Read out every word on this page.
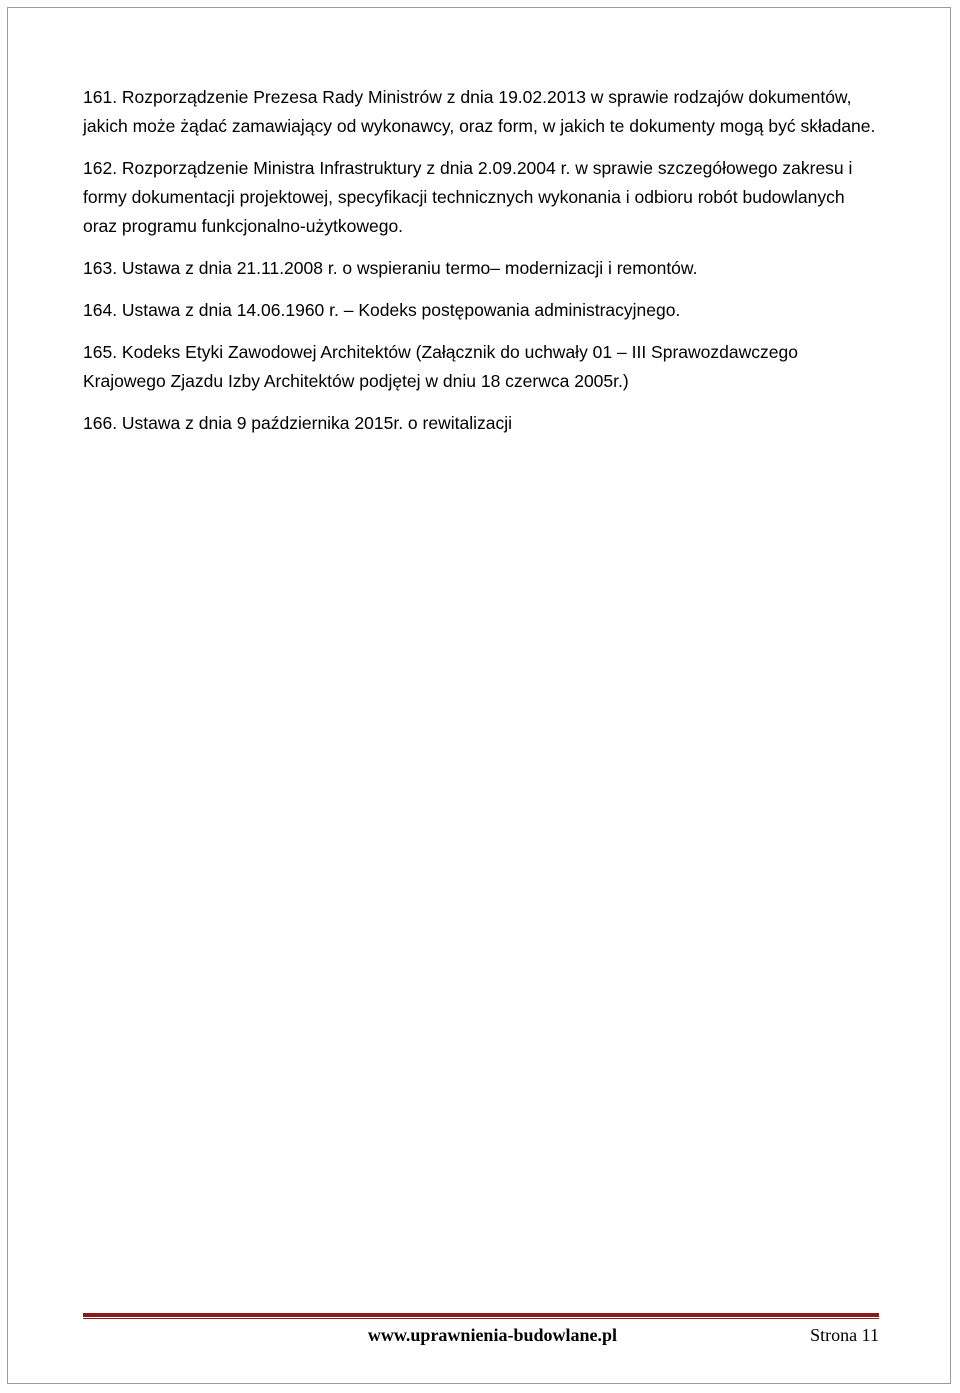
161. Rozporządzenie Prezesa Rady Ministrów z dnia 19.02.2013 w sprawie rodzajów dokumentów, jakich może żądać zamawiający od wykonawcy, oraz form, w jakich te dokumenty mogą być składane.

162. Rozporządzenie Ministra Infrastruktury z dnia 2.09.2004 r. w sprawie szczegółowego zakresu i formy dokumentacji projektowej, specyfikacji technicznych wykonania i odbioru robót budowlanych oraz programu funkcjonalno-użytkowego.

163. Ustawa z dnia 21.11.2008 r. o wspieraniu termo– modernizacji i remontów.

164. Ustawa z dnia 14.06.1960 r. – Kodeks postępowania administracyjnego.

165. Kodeks Etyki Zawodowej Architektów (Załącznik do uchwały 01 – III Sprawozdawczego Krajowego Zjazdu Izby Architektów podjętej w dniu 18 czerwca 2005r.)

166. Ustawa z dnia 9 października 2015r. o rewitalizacji

www.uprawnienia-budowlane.pl	Strona 11
